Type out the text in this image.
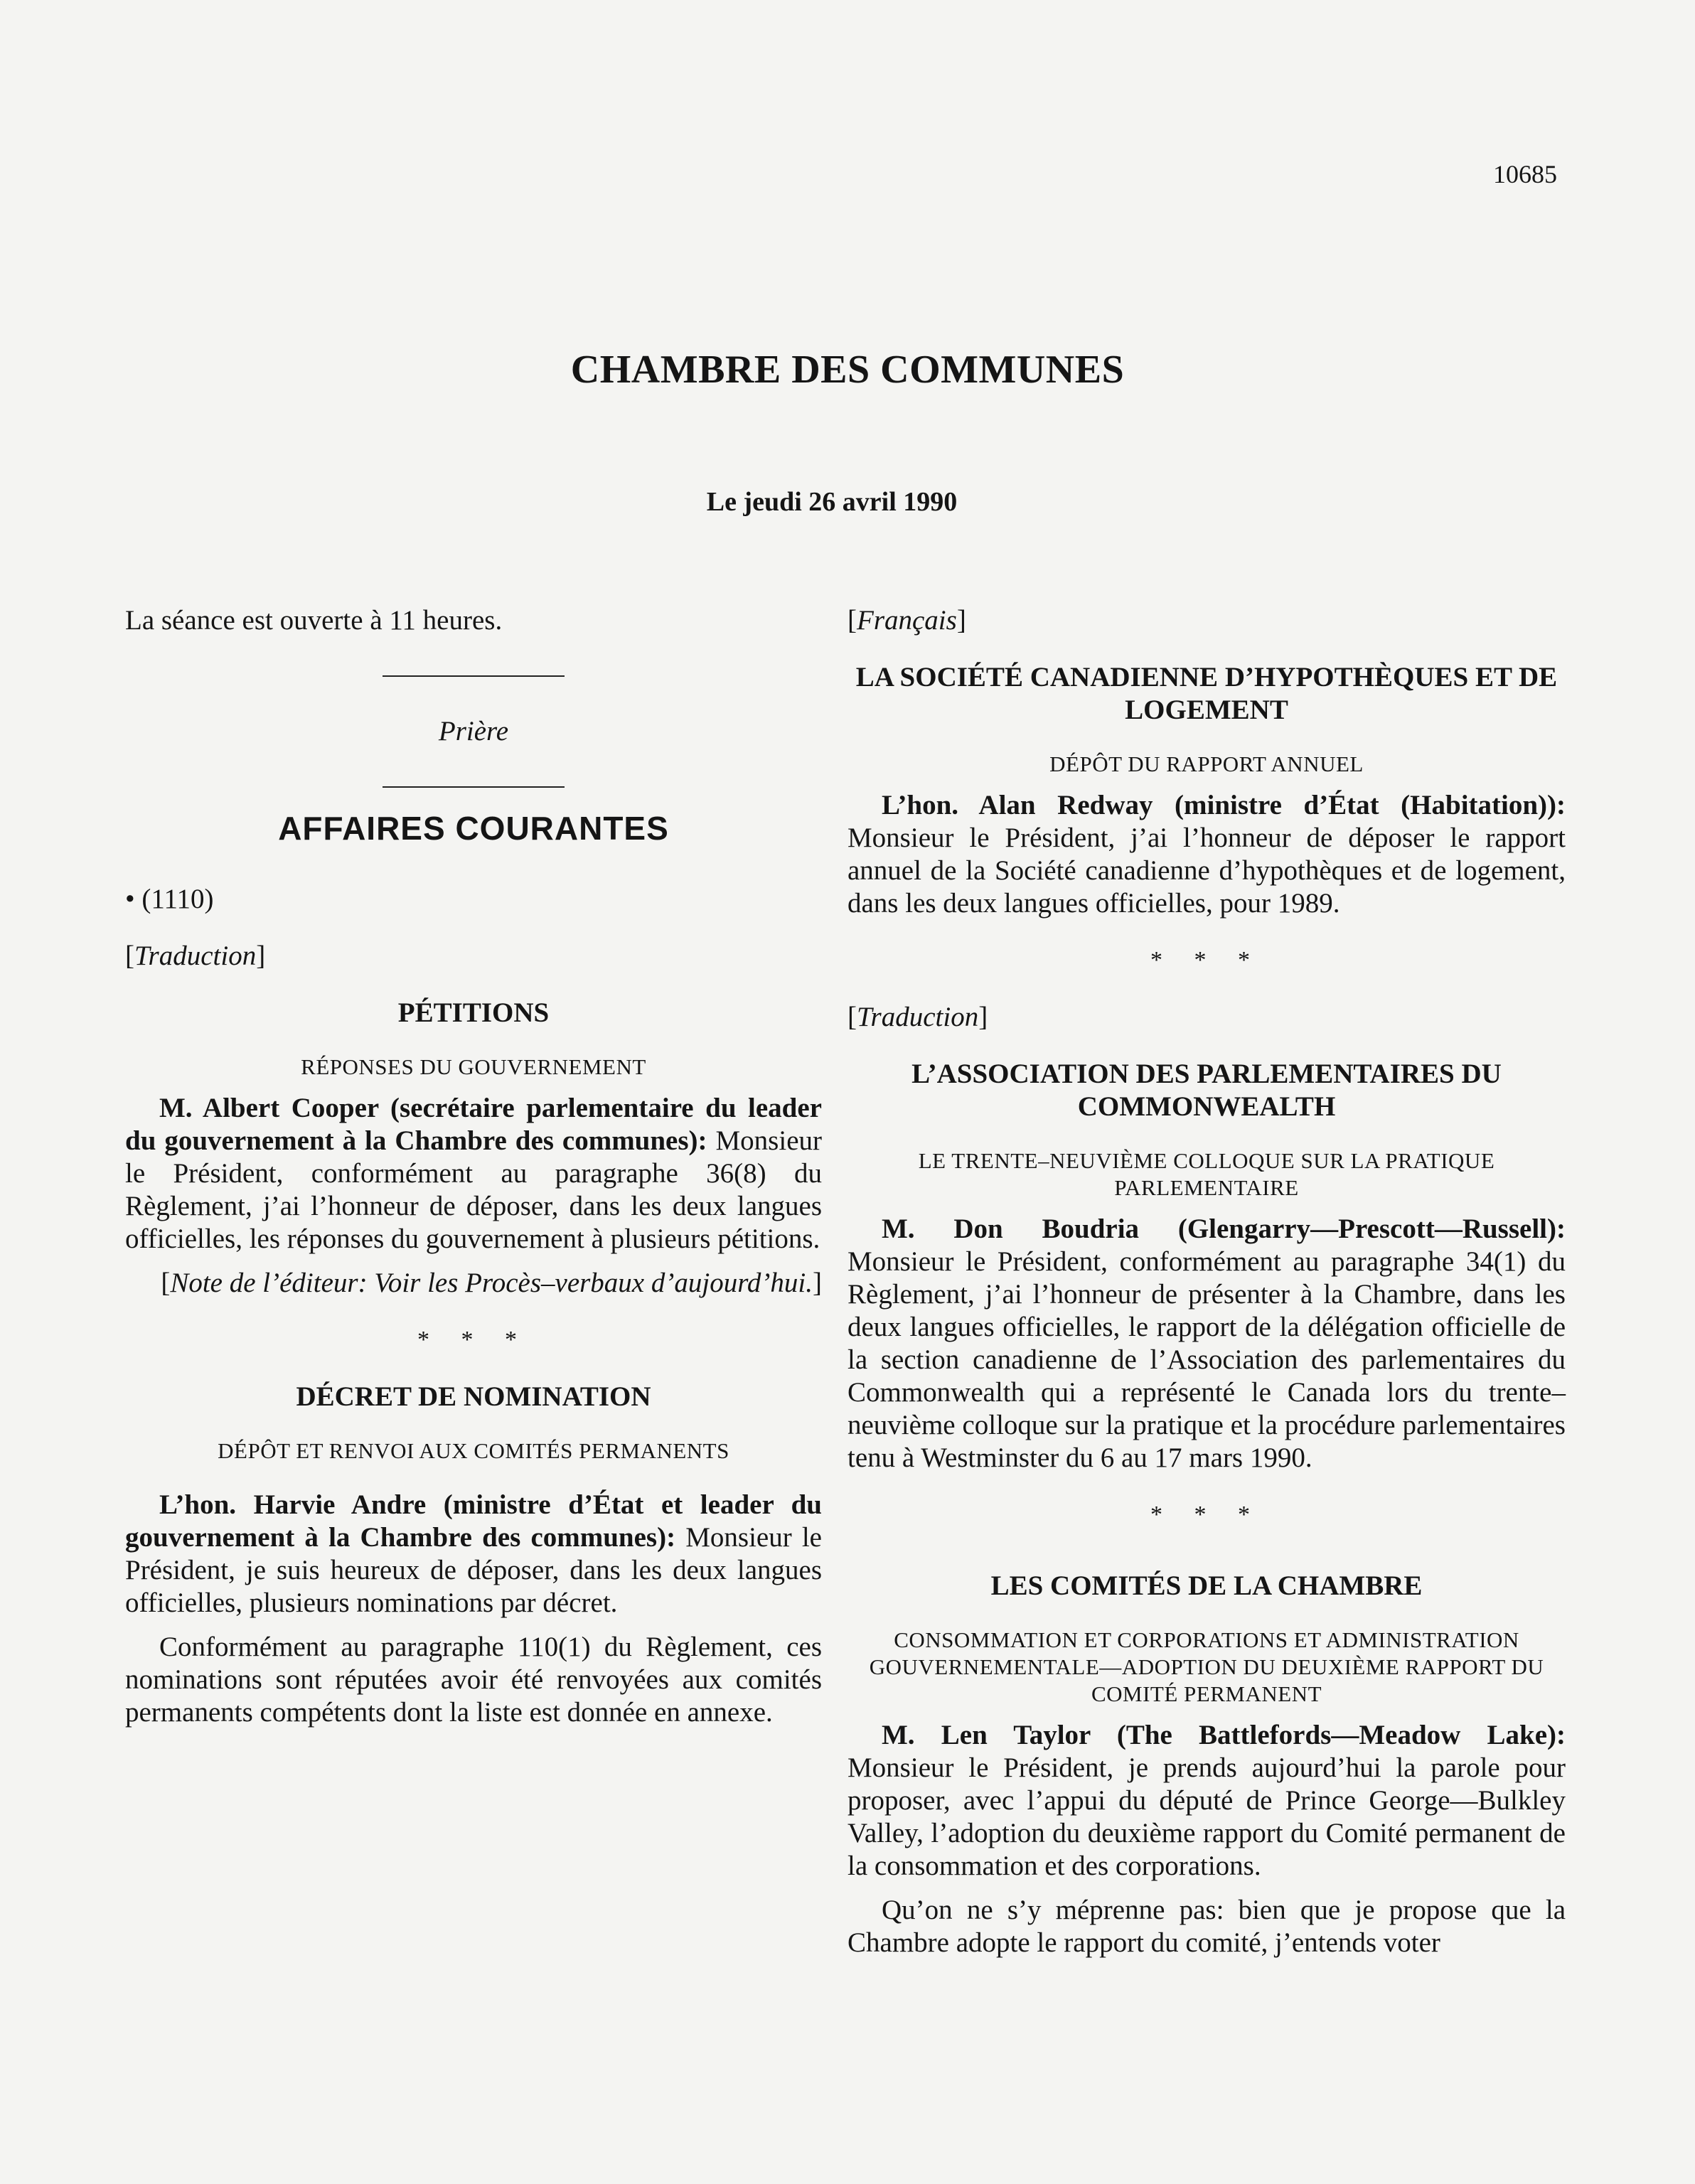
10685
CHAMBRE DES COMMUNES
Le jeudi 26 avril 1990

La séance est ouverte à 11 heures.

Prière

AFFAIRES COURANTES

• (1110)

[Traduction]

PÉTITIONS

RÉPONSES DU GOUVERNEMENT

M. Albert Cooper (secrétaire parlementaire du leader du gouvernement à la Chambre des communes): Monsieur le Président, conformément au paragraphe 36(8) du Règlement, j’ai l’honneur de déposer, dans les deux langues officielles, les réponses du gouvernement à plusieurs pétitions.

[Note de l’éditeur: Voir les Procès–verbaux d’aujourd’hui.]

* * *

DÉCRET DE NOMINATION

DÉPÔT ET RENVOI AUX COMITÉS PERMANENTS

L’hon. Harvie Andre (ministre d’État et leader du gouvernement à la Chambre des communes): Monsieur le Président, je suis heureux de déposer, dans les deux langues officielles, plusieurs nominations par décret.

Conformément au paragraphe 110(1) du Règlement, ces nominations sont réputées avoir été renvoyées aux comités permanents compétents dont la liste est donnée en annexe.

[Français]

LA SOCIÉTÉ CANADIENNE D’HYPOTHÈQUES ET DE LOGEMENT

DÉPÔT DU RAPPORT ANNUEL

L’hon. Alan Redway (ministre d’État (Habitation)): Monsieur le Président, j’ai l’honneur de déposer le rapport annuel de la Société canadienne d’hypothèques et de logement, dans les deux langues officielles, pour 1989.

* * *

[Traduction]

L’ASSOCIATION DES PARLEMENTAIRES DU COMMONWEALTH

LE TRENTE–NEUVIÈME COLLOQUE SUR LA PRATIQUE PARLEMENTAIRE

M. Don Boudria (Glengarry—Prescott—Russell): Monsieur le Président, conformément au paragraphe 34(1) du Règlement, j’ai l’honneur de présenter à la Chambre, dans les deux langues officielles, le rapport de la délégation officielle de la section canadienne de l’Association des parlementaires du Commonwealth qui a représenté le Canada lors du trente–neuvième colloque sur la pratique et la procédure parlementaires tenu à Westminster du 6 au 17 mars 1990.

* * *

LES COMITÉS DE LA CHAMBRE

CONSOMMATION ET CORPORATIONS ET ADMINISTRATION GOUVERNEMENTALE—ADOPTION DU DEUXIÈME RAPPORT DU COMITÉ PERMANENT

M. Len Taylor (The Battlefords—Meadow Lake): Monsieur le Président, je prends aujourd’hui la parole pour proposer, avec l’appui du député de Prince George—Bulkley Valley, l’adoption du deuxième rapport du Comité permanent de la consommation et des corporations.

Qu’on ne s’y méprenne pas: bien que je propose que la Chambre adopte le rapport du comité, j’entends voter
